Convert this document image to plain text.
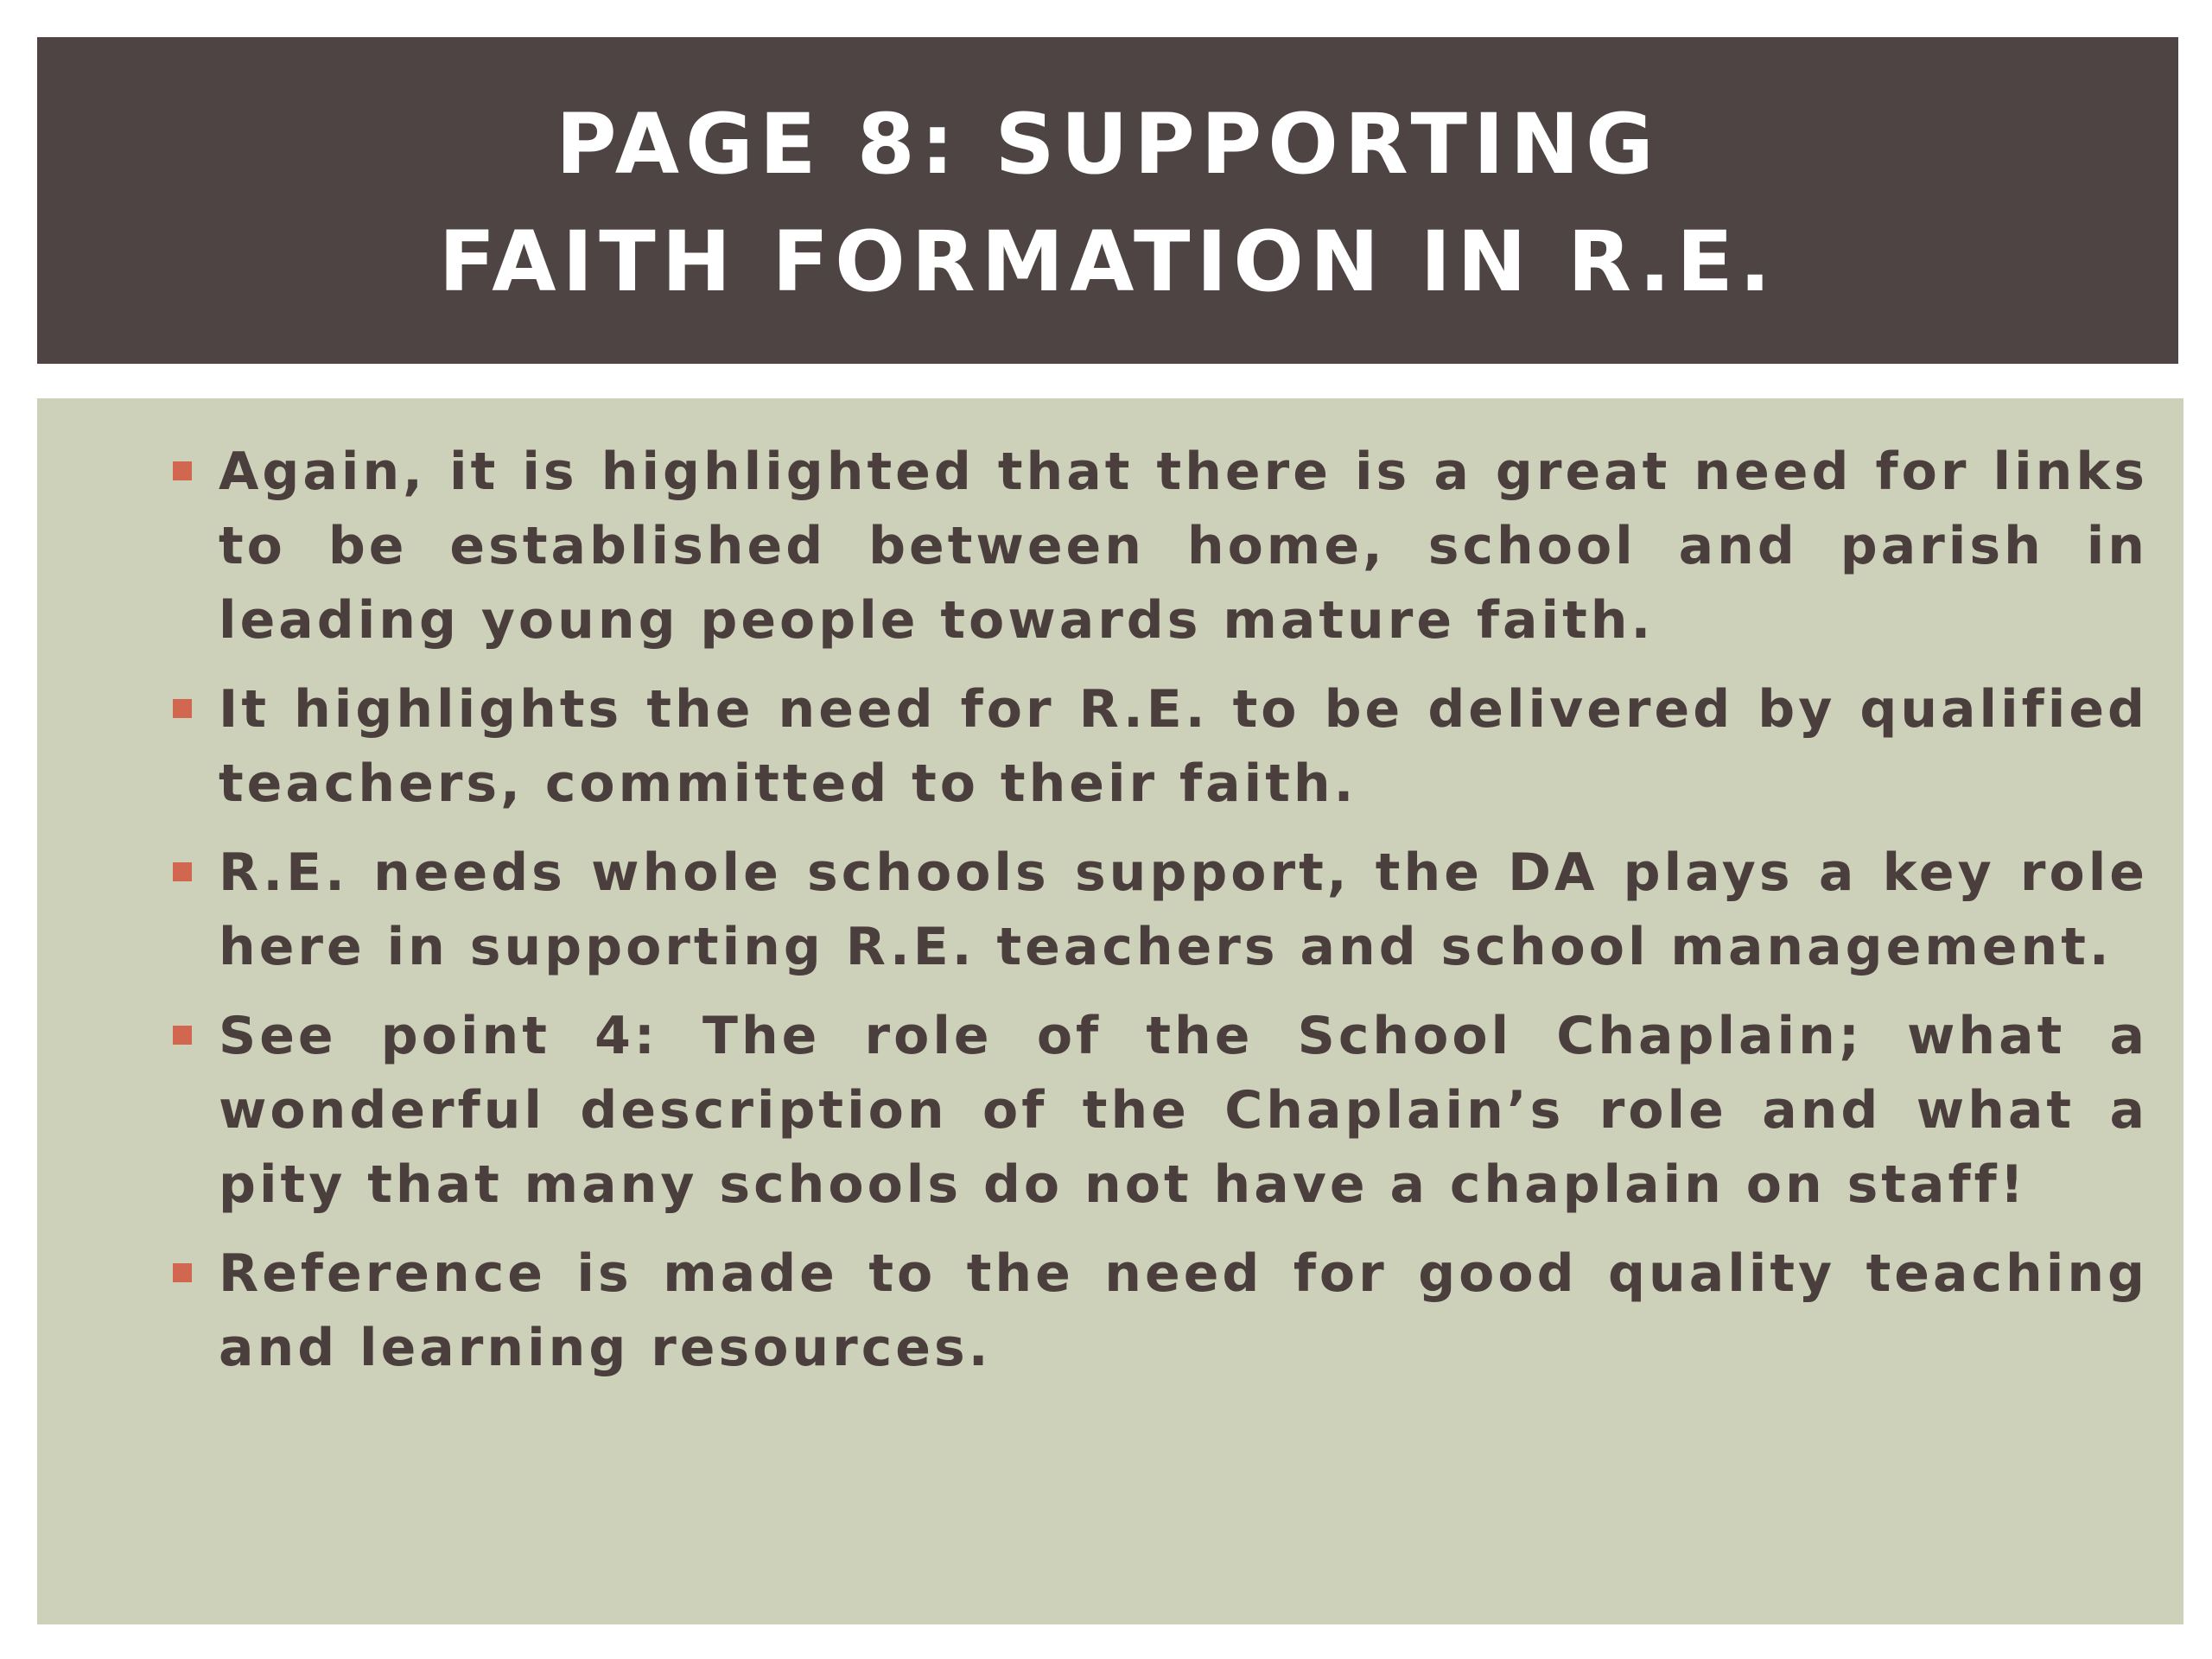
PAGE 8: SUPPORTING
FAITH FORMATION IN R.E.
Again, it is highlighted that there is a great need for links to be established between home, school and parish in leading young people towards mature faith.
It highlights the need for R.E. to be delivered by qualified teachers, committed to their faith.
R.E. needs whole schools support, the DA plays a key role here in supporting R.E. teachers and school management.
See point 4: The role of the School Chaplain; what a wonderful description of the Chaplain’s role and what a pity that many schools do not have a chaplain on staff!
Reference is made to the need for good quality teaching and learning resources.
